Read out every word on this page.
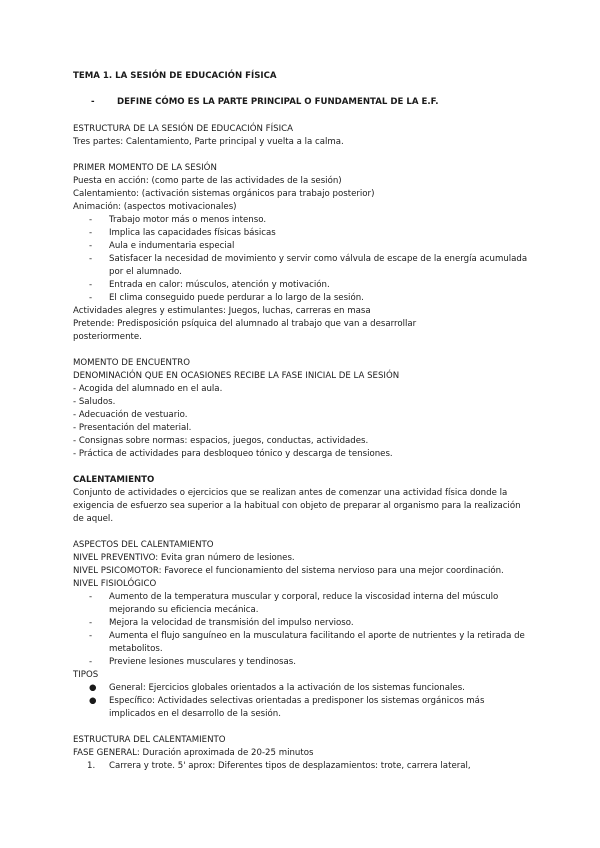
TEMA 1. LA SESIÓN DE EDUCACIÓN FÍSICA
-	DEFINE CÓMO ES LA PARTE PRINCIPAL O FUNDAMENTAL DE LA E.F.
ESTRUCTURA DE LA SESIÓN DE EDUCACIÓN FÍSICA
Tres partes: Calentamiento, Parte principal y vuelta a la calma.
PRIMER MOMENTO DE LA SESIÓN
Puesta en acción: (como parte de las actividades de la sesión)
Calentamiento: (activación sistemas orgánicos para trabajo posterior)
Animación: (aspectos motivacionales)
- Trabajo motor más o menos intenso.
- Implica las capacidades físicas básicas
- Aula e indumentaria especial
- Satisfacer la necesidad de movimiento y servir como válvula de escape de la energía acumulada por el alumnado.
- Entrada en calor: músculos, atención y motivación.
- El clima conseguido puede perdurar a lo largo de la sesión.
Actividades alegres y estimulantes: Juegos, luchas, carreras en masa
Pretende: Predisposición psíquica del alumnado al trabajo que van a desarrollar
posteriormente.
MOMENTO DE ENCUENTRO
DENOMINACIÓN QUE EN OCASIONES RECIBE LA FASE INICIAL DE LA SESIÓN
- Acogida del alumnado en el aula.
- Saludos.
- Adecuación de vestuario.
- Presentación del material.
- Consignas sobre normas: espacios, juegos, conductas, actividades.
- Práctica de actividades para desbloqueo tónico y descarga de tensiones.
CALENTAMIENTO
Conjunto de actividades o ejercicios que se realizan antes de comenzar una actividad física donde la exigencia de esfuerzo sea superior a la habitual con objeto de preparar al organismo para la realización de aquel.
ASPECTOS DEL CALENTAMIENTO
NIVEL PREVENTIVO: Evita gran número de lesiones.
NIVEL PSICOMOTOR: Favorece el funcionamiento del sistema nervioso para una mejor coordinación.
NIVEL FISIOLÓGICO
- Aumento de la temperatura muscular y corporal, reduce la viscosidad interna del músculo mejorando su eficiencia mecánica.
- Mejora la velocidad de transmisión del impulso nervioso.
- Aumenta el flujo sanguíneo en la musculatura facilitando el aporte de nutrientes y la retirada de metabolitos.
- Previene lesiones musculares y tendinosas.
TIPOS
● General: Ejercicios globales orientados a la activación de los sistemas funcionales.
● Específico: Actividades selectivas orientadas a predisponer los sistemas orgánicos más implicados en el desarrollo de la sesión.
ESTRUCTURA DEL CALENTAMIENTO
FASE GENERAL: Duración aproximada de 20-25 minutos
1. Carrera y trote. 5' aprox: Diferentes tipos de desplazamientos: trote, carrera lateral,
